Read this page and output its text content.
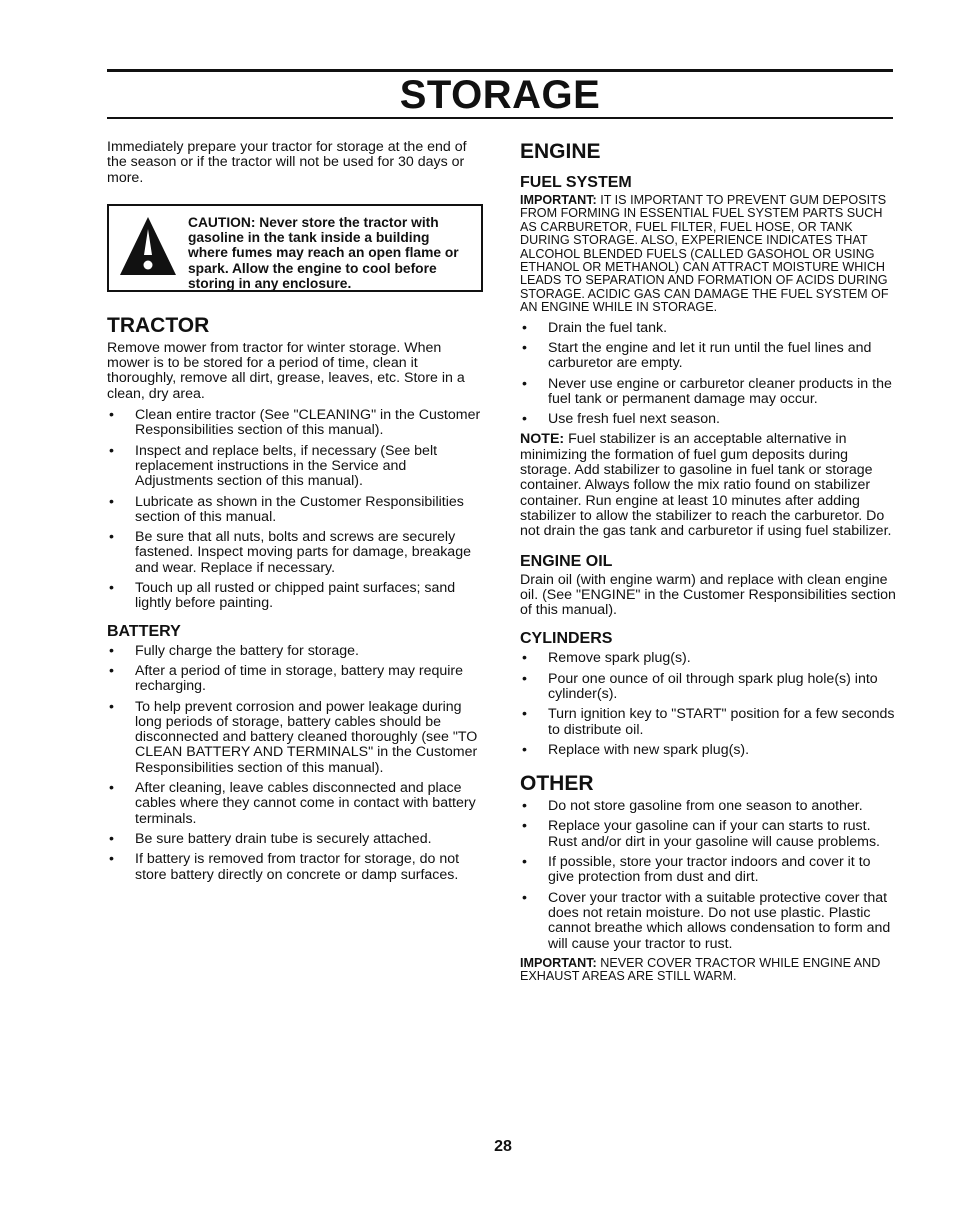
STORAGE

Immediately prepare your tractor for storage at the end of the season or if the tractor will not be used for 30 days or more.

CAUTION: Never store the tractor with gasoline in the tank inside a building where fumes may reach an open flame or spark. Allow the engine to cool before storing in any enclosure.
TRACTOR

Remove mower from tractor for winter storage. When mower is to be stored for a period of time, clean it thoroughly, remove all dirt, grease, leaves, etc. Store in a clean, dry area.

• Clean entire tractor (See "CLEANING" in the Customer Responsibilities section of this manual).
• Inspect and replace belts, if necessary (See belt replacement instructions in the Service and Adjustments section of this manual).
• Lubricate as shown in the Customer Responsibilities section of this manual.
• Be sure that all nuts, bolts and screws are securely fastened. Inspect moving parts for damage, breakage and wear. Replace if necessary.
• Touch up all rusted or chipped paint surfaces; sand lightly before painting.
BATTERY
• Fully charge the battery for storage.
• After a period of time in storage, battery may require recharging.
• To help prevent corrosion and power leakage during long periods of storage, battery cables should be disconnected and battery cleaned thoroughly (see "TO CLEAN BATTERY AND TERMINALS" in the Customer Responsibilities section of this manual).
• After cleaning, leave cables disconnected and place cables where they cannot come in contact with battery terminals.
• Be sure battery drain tube is securely attached.
• If battery is removed from tractor for storage, do not store battery directly on concrete or damp surfaces.
ENGINE
FUEL SYSTEM

IMPORTANT: IT IS IMPORTANT TO PREVENT GUM DEPOSITS FROM FORMING IN ESSENTIAL FUEL SYSTEM PARTS SUCH AS CARBURETOR, FUEL FILTER, FUEL HOSE, OR TANK DURING STORAGE. ALSO, EXPERIENCE INDICATES THAT ALCOHOL BLENDED FUELS (CALLED GASOHOL OR USING ETHANOL OR METHANOL) CAN ATTRACT MOISTURE WHICH LEADS TO SEPARATION AND FORMATION OF ACIDS DURING STORAGE. ACIDIC GAS CAN DAMAGE THE FUEL SYSTEM OF AN ENGINE WHILE IN STORAGE.

• Drain the fuel tank.
• Start the engine and let it run until the fuel lines and carburetor are empty.
• Never use engine or carburetor cleaner products in the fuel tank or permanent damage may occur.
• Use fresh fuel next season.

NOTE: Fuel stabilizer is an acceptable alternative in minimizing the formation of fuel gum deposits during storage. Add stabilizer to gasoline in fuel tank or storage container. Always follow the mix ratio found on stabilizer container. Run engine at least 10 minutes after adding stabilizer to allow the stabilizer to reach the carburetor. Do not drain the gas tank and carburetor if using fuel stabilizer.

ENGINE OIL

Drain oil (with engine warm) and replace with clean engine oil. (See "ENGINE" in the Customer Responsibilities section of this manual).

CYLINDERS
• Remove spark plug(s).
• Pour one ounce of oil through spark plug hole(s) into cylinder(s).
• Turn ignition key to "START" position for a few seconds to distribute oil.
• Replace with new spark plug(s).
OTHER
• Do not store gasoline from one season to another.
• Replace your gasoline can if your can starts to rust. Rust and/or dirt in your gasoline will cause problems.
• If possible, store your tractor indoors and cover it to give protection from dust and dirt.
• Cover your tractor with a suitable protective cover that does not retain moisture. Do not use plastic. Plastic cannot breathe which allows condensation to form and will cause your tractor to rust.

IMPORTANT: NEVER COVER TRACTOR WHILE ENGINE AND EXHAUST AREAS ARE STILL WARM.

28
